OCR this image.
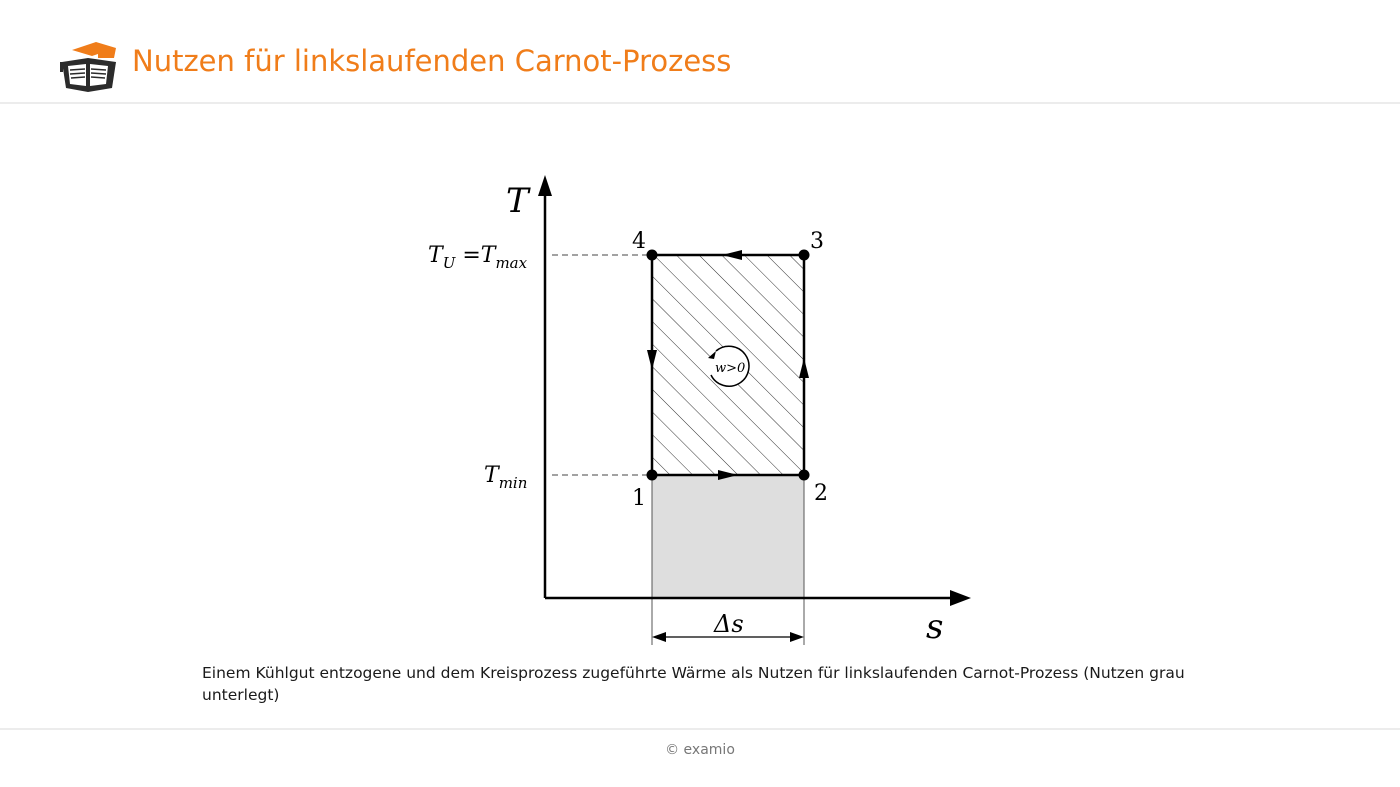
Nutzen für linkslaufenden Carnot-Prozess
1	2
3
4
w>0
T
s
$T_U =T_{max}$
$T_{min}$
Δs
Einem Kühlgut entzogene und dem Kreisprozess zugeführte Wärme als Nutzen für linkslaufenden Carnot-Prozess (Nutzen grau unterlegt)
© examio
